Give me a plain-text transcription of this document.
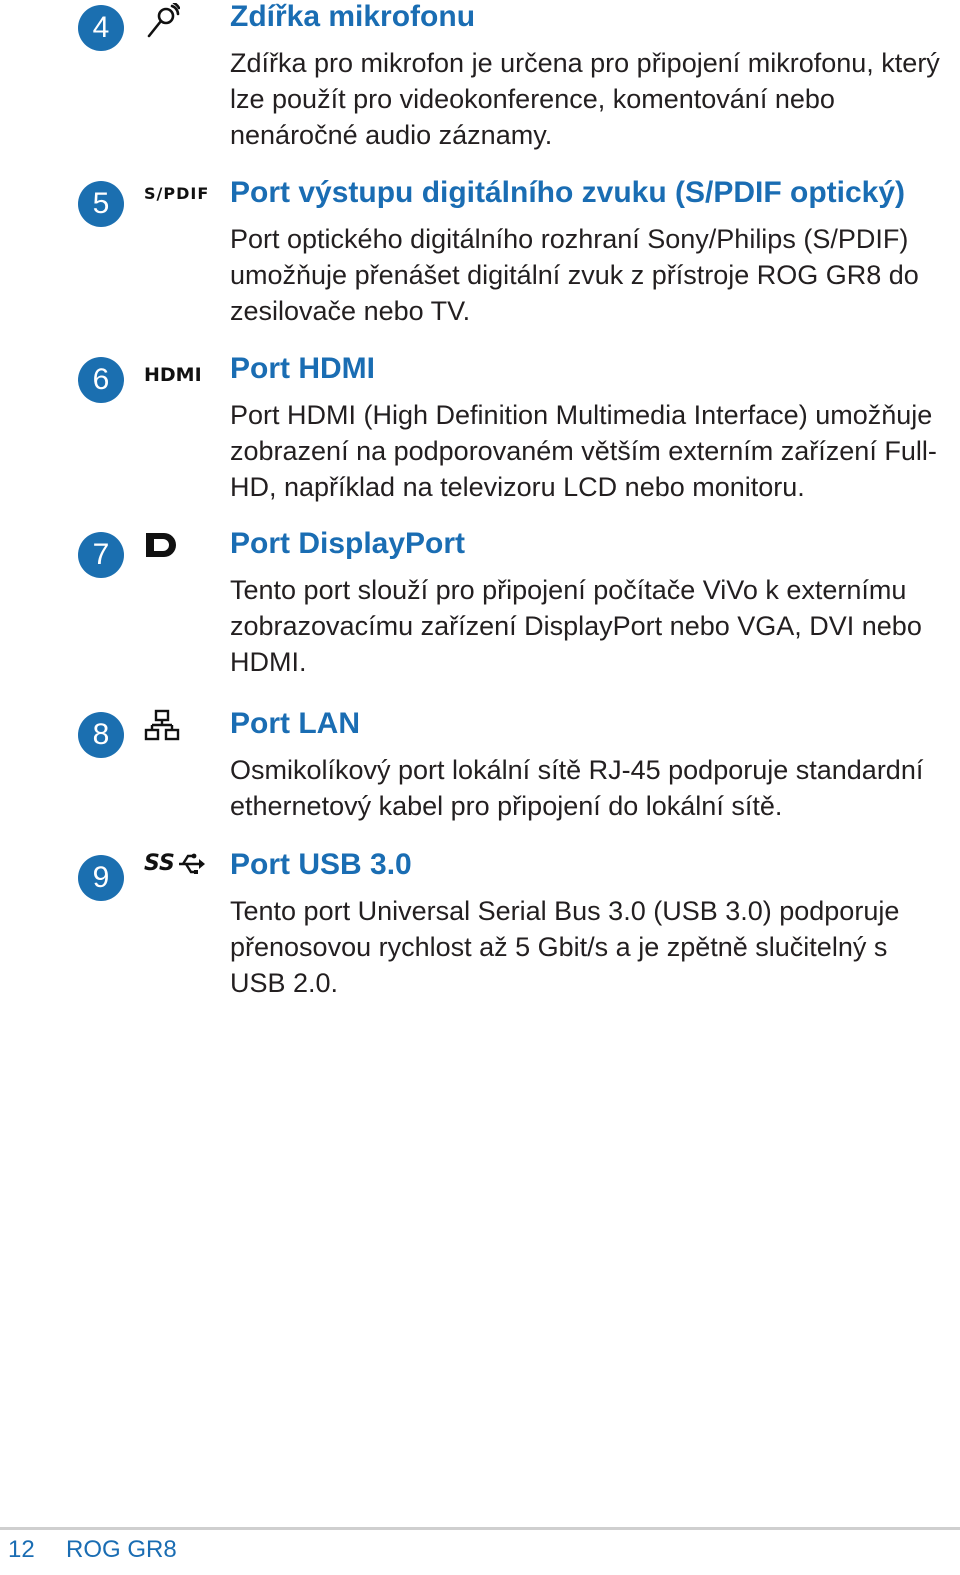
4	Zdířka mikrofonu

Zdířka pro mikrofon je určena pro připojení mikrofonu, který lze použít pro videokonference, komentování nebo nenáročné audio záznamy.

5	S/PDIF Port výstupu digitálního zvuku (S/PDIF optický)

Port optického digitálního rozhraní Sony/Philips (S/PDIF) umožňuje přenášet digitální zvuk z přístroje ROG GR8 do zesilovače nebo TV.

6	HDMI Port HDMI

Port HDMI (High Definition Multimedia Interface) umožňuje zobrazení na podporovaném větším externím zařízení Full-HD, například na televizoru LCD nebo monitoru.

7	Port DisplayPort

Tento port slouží pro připojení počítače ViVo k externímu zobrazovacímu zařízení DisplayPort nebo VGA, DVI nebo HDMI.

8	Port LAN

Osmikolíkový port lokální sítě RJ-45 podporuje standardní ethernetový kabel pro připojení do lokální sítě.

9	SS Port USB 3.0

Tento port Universal Serial Bus 3.0 (USB 3.0) podporuje přenosovou rychlost až 5 Gbit/s a je zpětně slučitelný s USB 2.0.

12 ROG GR8
